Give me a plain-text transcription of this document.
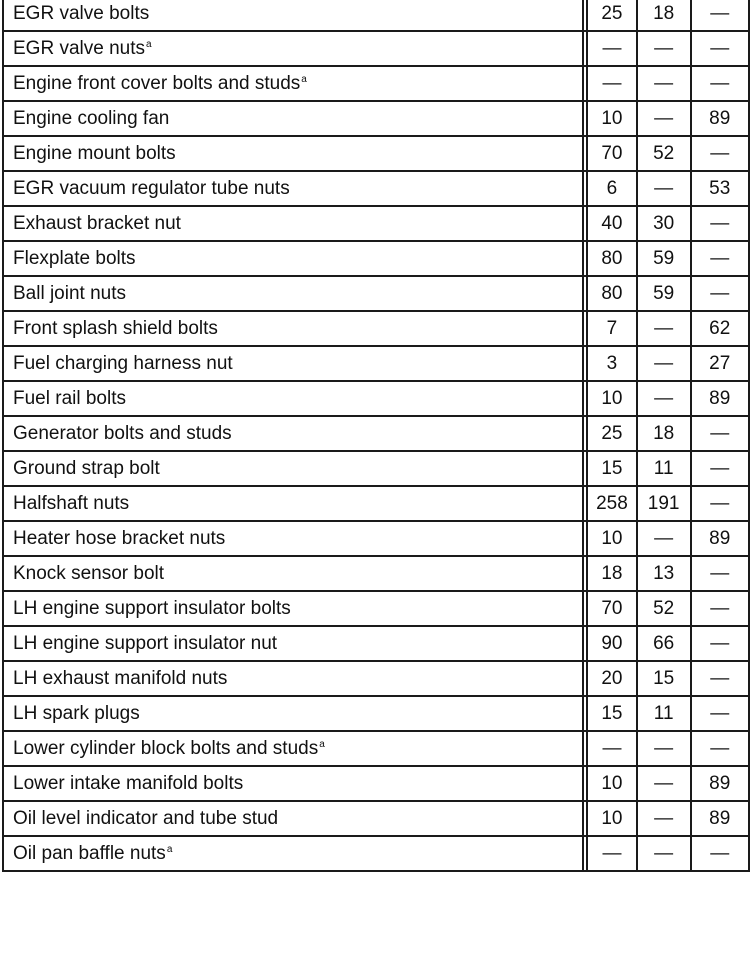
EGR valve bolts		25	18	—
EGR valve nuts$^a$		—	—	—
Engine front cover bolts and studs$^a$		—	—	—
Engine cooling fan		10	—	89
Engine mount bolts		70	52	—
EGR vacuum regulator tube nuts		6	—	53
Exhaust bracket nut		40	30	—
Flexplate bolts		80	59	—
Ball joint nuts		80	59	—
Front splash shield bolts		7	—	62
Fuel charging harness nut		3	—	27
Fuel rail bolts		10	—	89
Generator bolts and studs		25	18	—
Ground strap bolt		15	11	—
Halfshaft nuts		258	191	—
Heater hose bracket nuts		10	—	89
Knock sensor bolt		18	13	—
LH engine support insulator bolts		70	52	—
LH engine support insulator nut		90	66	—
LH exhaust manifold nuts		20	15	—
LH spark plugs		15	11	—
Lower cylinder block bolts and studs$^a$		—	—	—
Lower intake manifold bolts		10	—	89
Oil level indicator and tube stud		10	—	89
Oil pan baffle nuts$^a$		—	—	—
